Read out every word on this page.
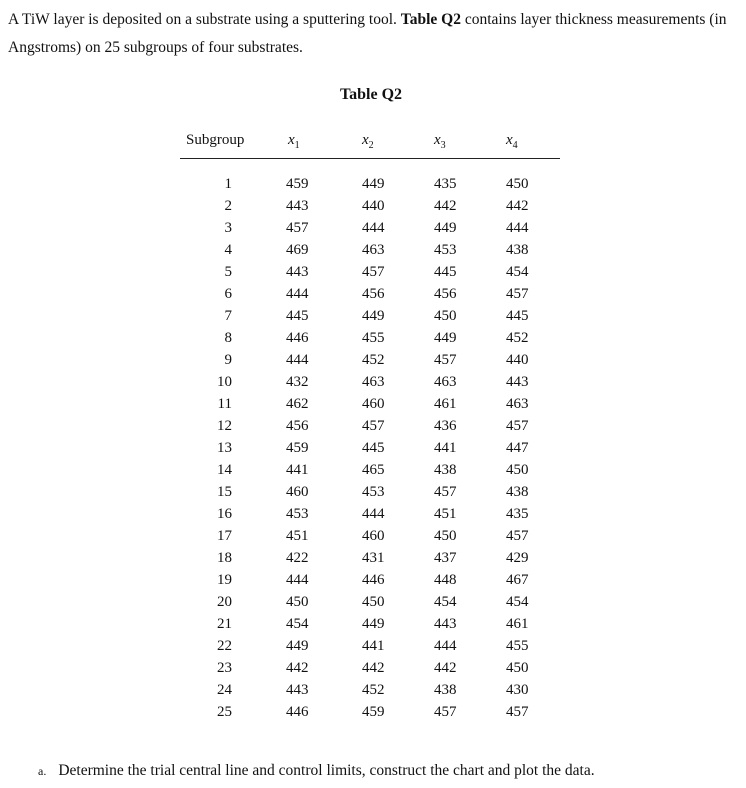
A TiW layer is deposited on a substrate using a sputtering tool. Table Q2 contains layer thickness measurements (in Angstroms) on 25 subgroups of four substrates.

Table Q2

Subgroup	$x_1$	$x_2$	$x_3$	$x_4$
1	459	449	435	450
2	443	440	442	442
3	457	444	449	444
4	469	463	453	438
5	443	457	445	454
6	444	456	456	457
7	445	449	450	445
8	446	455	449	452
9	444	452	457	440
10	432	463	463	443
11	462	460	461	463
12	456	457	436	457
13	459	445	441	447
14	441	465	438	450
15	460	453	457	438
16	453	444	451	435
17	451	460	450	457
18	422	431	437	429
19	444	446	448	467
20	450	450	454	454
21	454	449	443	461
22	449	441	444	455
23	442	442	442	450
24	443	452	438	430
25	446	459	457	457

a. Determine the trial central line and control limits, construct the chart and plot the data.
